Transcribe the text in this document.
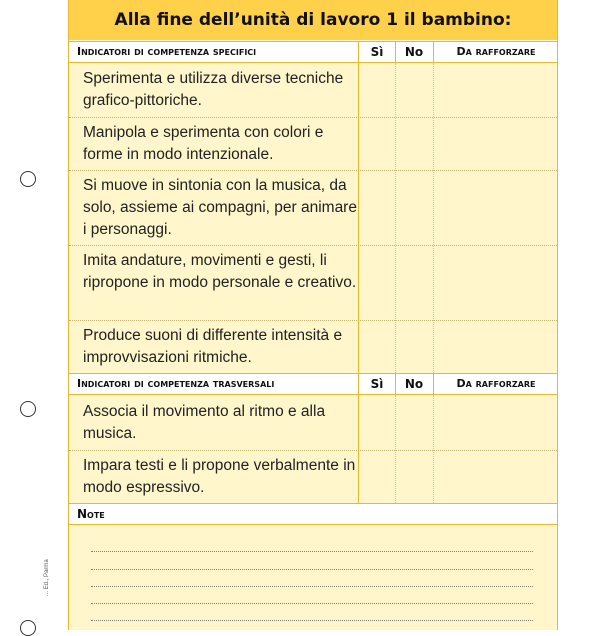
... Ed., Parma
Alla fine dell’unità di lavoro 1 il bambino:
Indicatori di competenza specifici	Sì	No	Da rafforzare
Sperimenta e utilizza diverse tecniche grafico-pittoriche.
Manipola e sperimenta con colori e forme in modo intenzionale.
Si muove in sintonia con la musica, da solo, assieme ai compagni, per animare i personaggi.
Imita andature, movimenti e gesti, li ripropone in modo personale e creativo.
Produce suoni di differente intensità e improvvisazioni ritmiche.
Indicatori di competenza trasversali	Sì	No	Da rafforzare
Associa il movimento al ritmo e alla musica.
Impara testi e li propone verbalmente in modo espressivo.
Note
